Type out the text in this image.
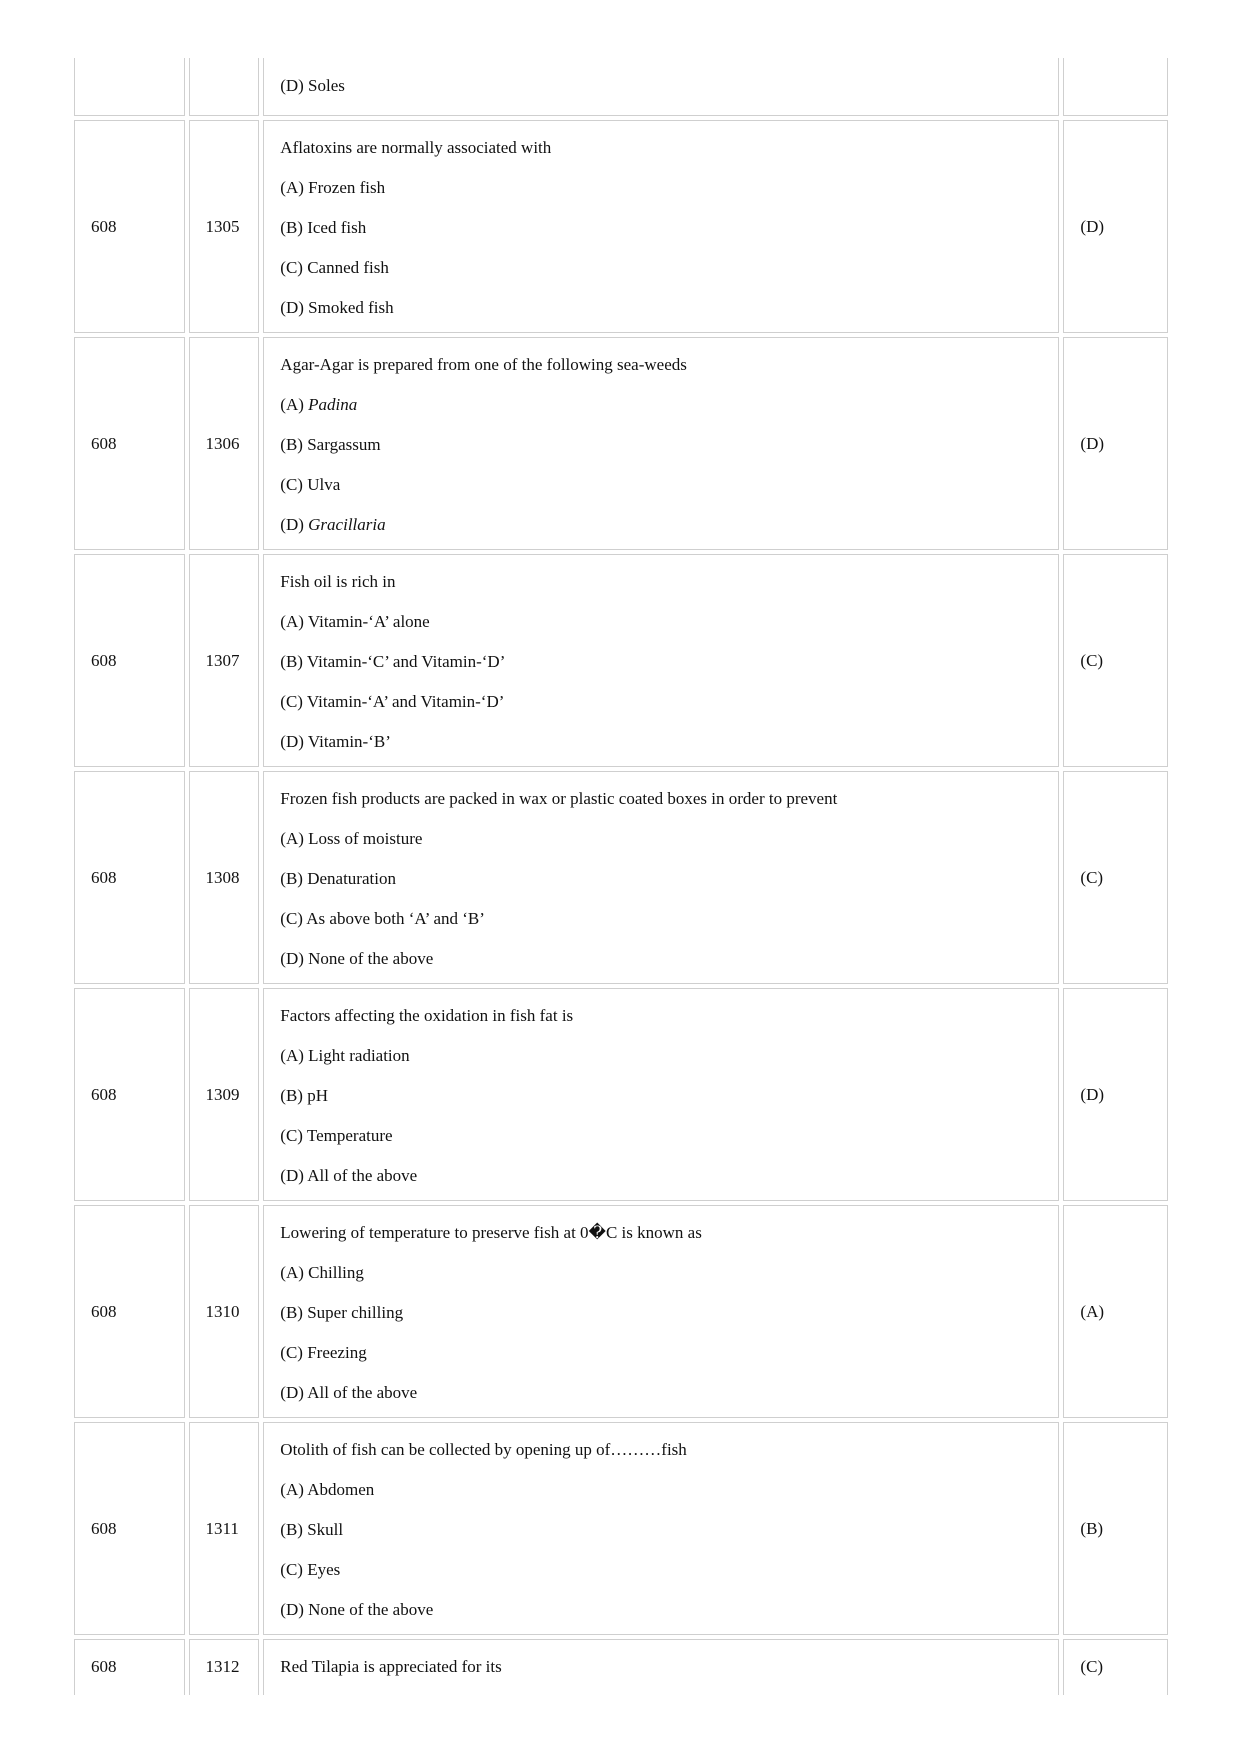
(D) Soles
608	1305
Aflatoxins are normally associated with
(A) Frozen fish
(B) Iced fish
(C) Canned fish
(D) Smoked fish
(D)
608	1306
Agar-Agar is prepared from one of the following sea-weeds
(A) Padina
(B) Sargassum
(C) Ulva
(D) Gracillaria
(D)
608	1307
Fish oil is rich in
(A) Vitamin-‘A’ alone
(B) Vitamin-‘C’ and Vitamin-‘D’
(C) Vitamin-‘A’ and Vitamin-‘D’
(D) Vitamin-‘B’
(C)
608	1308
Frozen fish products are packed in wax or plastic coated boxes in order to prevent
(A) Loss of moisture
(B) Denaturation
(C) As above both ‘A’ and ‘B’
(D) None of the above
(C)
608	1309
Factors affecting the oxidation in fish fat is
(A) Light radiation
(B) pH
(C) Temperature
(D) All of the above
(D)
608	1310
Lowering of temperature to preserve fish at 0�C is known as
(A) Chilling
(B) Super chilling
(C) Freezing
(D) All of the above
(A)
608	1311
Otolith of fish can be collected by opening up of………fish
(A) Abdomen
(B) Skull
(C) Eyes
(D) None of the above
(B)
608	1312	Red Tilapia is appreciated for its	(C)
